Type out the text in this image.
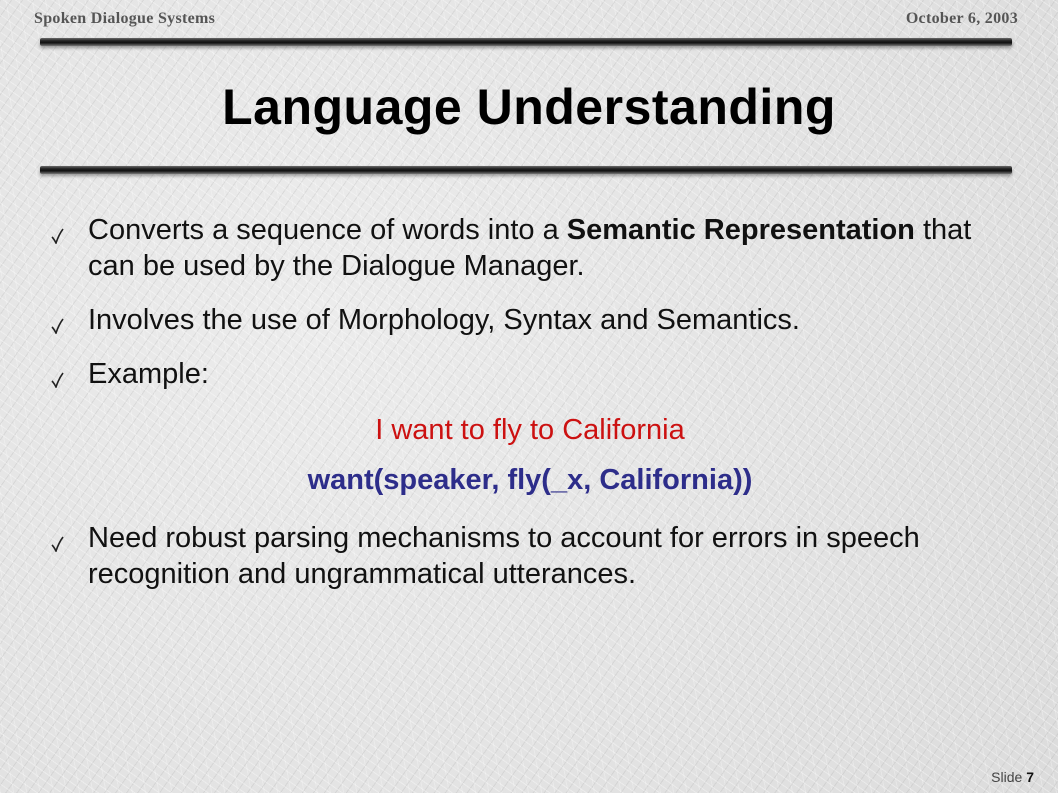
Spoken Dialogue Systems	October 6, 2003
Language Understanding
Converts a sequence of words into a Semantic Representation that can be used by the Dialogue Manager.
Involves the use of Morphology, Syntax and Semantics.
Example:
I want to fly to California
want(speaker, fly(_x, California))
Need robust parsing mechanisms to account for errors in speech recognition and ungrammatical utterances.
Slide 7
